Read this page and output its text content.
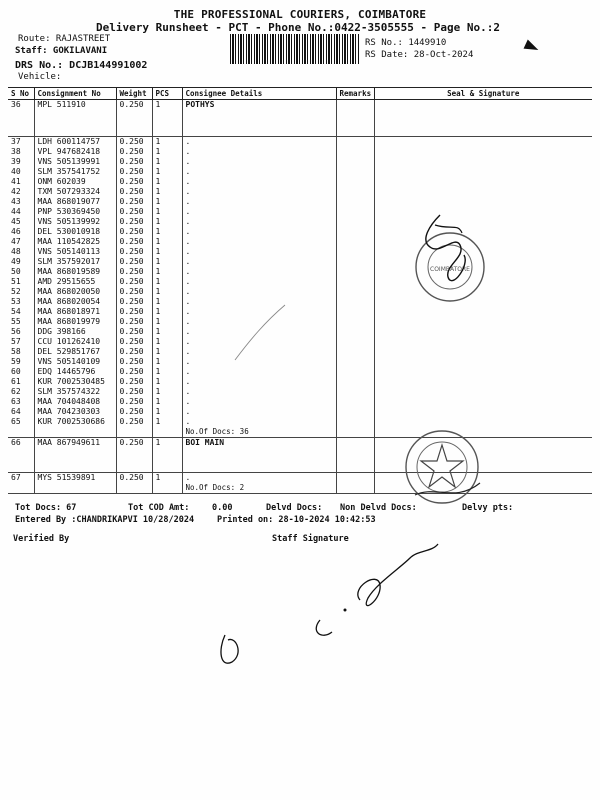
THE PROFESSIONAL COURIERS, COIMBATORE
Delivery Runsheet - PCT - Phone No.:0422-3505555 - Page No.:2
Route: RAJASTREET
Staff: GOKILAVANI
DRS No.: DCJB144991002
Vehicle:
RS No.: 1449910
RS Date: 28-Oct-2024
S No	Consignment No	Weight	PCS	Consignee Details	Remarks	Seal & Signature
36	MPL 511910	0.250	1	POTHYS		

37	LDH 600114757	0.250	1	.		
38	VPL 947682418	0.250	1	.		
39	VNS 505139991	0.250	1	.		
40	SLM 357541752	0.250	1	.		
41	ONM 602039	0.250	1	.		
42	TXM 507293324	0.250	1	.		
43	MAA 868019077	0.250	1	.		
44	PNP 530369450	0.250	1	.		
45	VNS 505139992	0.250	1	.		
46	DEL 530010918	0.250	1	.		
47	MAA 110542825	0.250	1	.		
48	VNS 505140113	0.250	1	.		
49	SLM 357592017	0.250	1	.		
50	MAA 868019589	0.250	1	.		
51	AMD 29515655	0.250	1	.		
52	MAA 868020050	0.250	1	.		
53	MAA 868020054	0.250	1	.		
54	MAA 868018971	0.250	1	.		
55	MAA 868019979	0.250	1	.		
56	DDG 398166	0.250	1	.		
57	CCU 101262410	0.250	1	.		
58	DEL 529851767	0.250	1	.		
59	VNS 505140109	0.250	1	.		
60	EDQ 14465796	0.250	1	.		
61	KUR 7002530485	0.250	1	.		
62	SLM 357574322	0.250	1	.		
63	MAA 704048408	0.250	1	.		
64	MAA 704230303	0.250	1	.		
65	KUR 7002530686	0.250	1	.		
				No.Of Docs: 36		
66	MAA 867949611	0.250	1	BOI MAIN		

67	MYS 51539891	0.250	1	.		
				No.Of Docs: 2		
COIMBATORE
Tot Docs: 67	Tot COD Amt:	0.00	Delvd Docs: Non Delvd Docs:	Delvy pts:
Entered By :CHANDRIKAPVI 10/28/2024	Printed on: 28-10-2024 10:42:53
Verified By	Staff Signature
